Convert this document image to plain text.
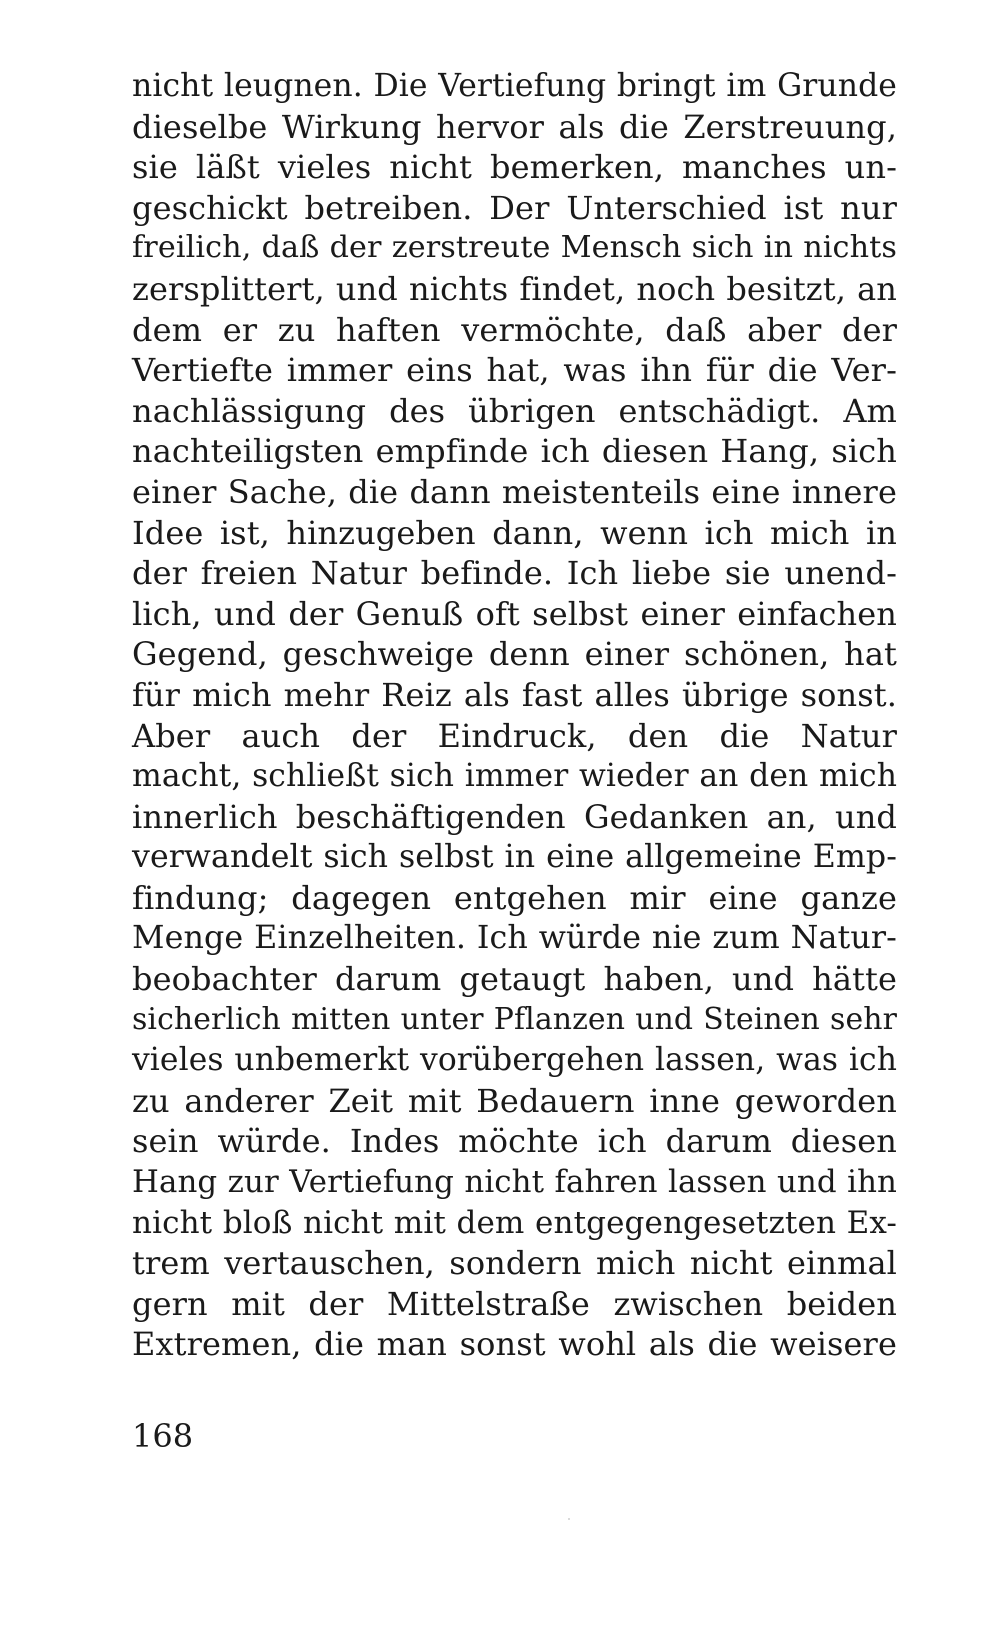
nicht leugnen. Die Vertiefung bringt im Grunde
dieselbe Wirkung hervor als die Zerstreuung,
sie läßt vieles nicht bemerken, manches un-
geschickt betreiben. Der Unterschied ist nur
freilich, daß der zerstreute Mensch sich in nichts
zersplittert, und nichts findet, noch besitzt, an
dem er zu haften vermöchte, daß aber der
Vertiefte immer eins hat, was ihn für die Ver-
nachlässigung des übrigen entschädigt. Am
nachteiligsten empfinde ich diesen Hang, sich
einer Sache, die dann meistenteils eine innere
Idee ist, hinzugeben dann, wenn ich mich in
der freien Natur befinde. Ich liebe sie unend-
lich, und der Genuß oft selbst einer einfachen
Gegend, geschweige denn einer schönen, hat
für mich mehr Reiz als fast alles übrige sonst.
Aber auch der Eindruck, den die Natur
macht, schließt sich immer wieder an den mich
innerlich beschäftigenden Gedanken an, und
verwandelt sich selbst in eine allgemeine Emp-
findung; dagegen entgehen mir eine ganze
Menge Einzelheiten. Ich würde nie zum Natur-
beobachter darum getaugt haben, und hätte
sicherlich mitten unter Pflanzen und Steinen sehr
vieles unbemerkt vorübergehen lassen, was ich
zu anderer Zeit mit Bedauern inne geworden
sein würde. Indes möchte ich darum diesen
Hang zur Vertiefung nicht fahren lassen und ihn
nicht bloß nicht mit dem entgegengesetzten Ex-
trem vertauschen, sondern mich nicht einmal
gern mit der Mittelstraße zwischen beiden
Extremen, die man sonst wohl als die weisere
168
